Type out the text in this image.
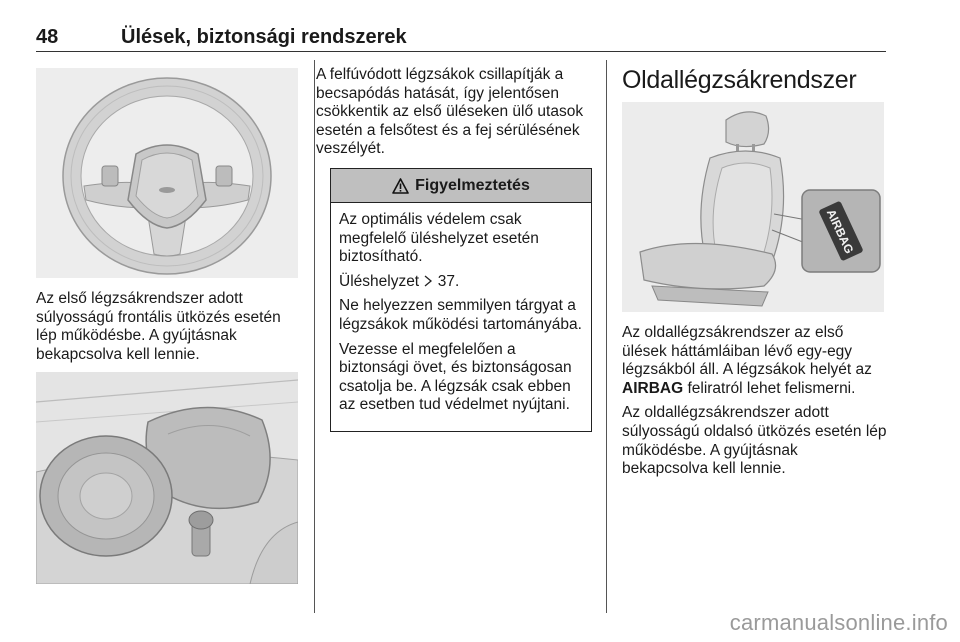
48	Ülések, biztonsági rendszerek

Az első légzsákrendszer adott súlyosságú frontális ütközés esetén lép működésbe. A gyújtásnak bekapcsolva kell lennie.

A felfúvódott légzsákok csillapítják a becsapódás hatását, így jelentősen csökkentik az első üléseken ülő utasok esetén a felsőtest és a fej sérülésének veszélyét.

Figyelmeztetés

Az optimális védelem csak megfelelő üléshelyzet esetén biztosítható.

Üléshelyzet 37.

Ne helyezzen semmilyen tárgyat a légzsákok működési tartományába.

Vezesse el megfelelően a biztonsági övet, és biztonságosan csatolja be. A légzsák csak ebben az esetben tud védelmet nyújtani.

Oldallégzsákrendszer
AIRBAG

Az oldallégzsákrendszer az első ülések háttámláiban lévő egy-egy légzsákból áll. A légzsákok helyét az AIRBAG feliratról lehet felismerni.

Az oldallégzsákrendszer adott súlyosságú oldalsó ütközés esetén lép működésbe. A gyújtásnak bekapcsolva kell lennie.

carmanualsonline.info
